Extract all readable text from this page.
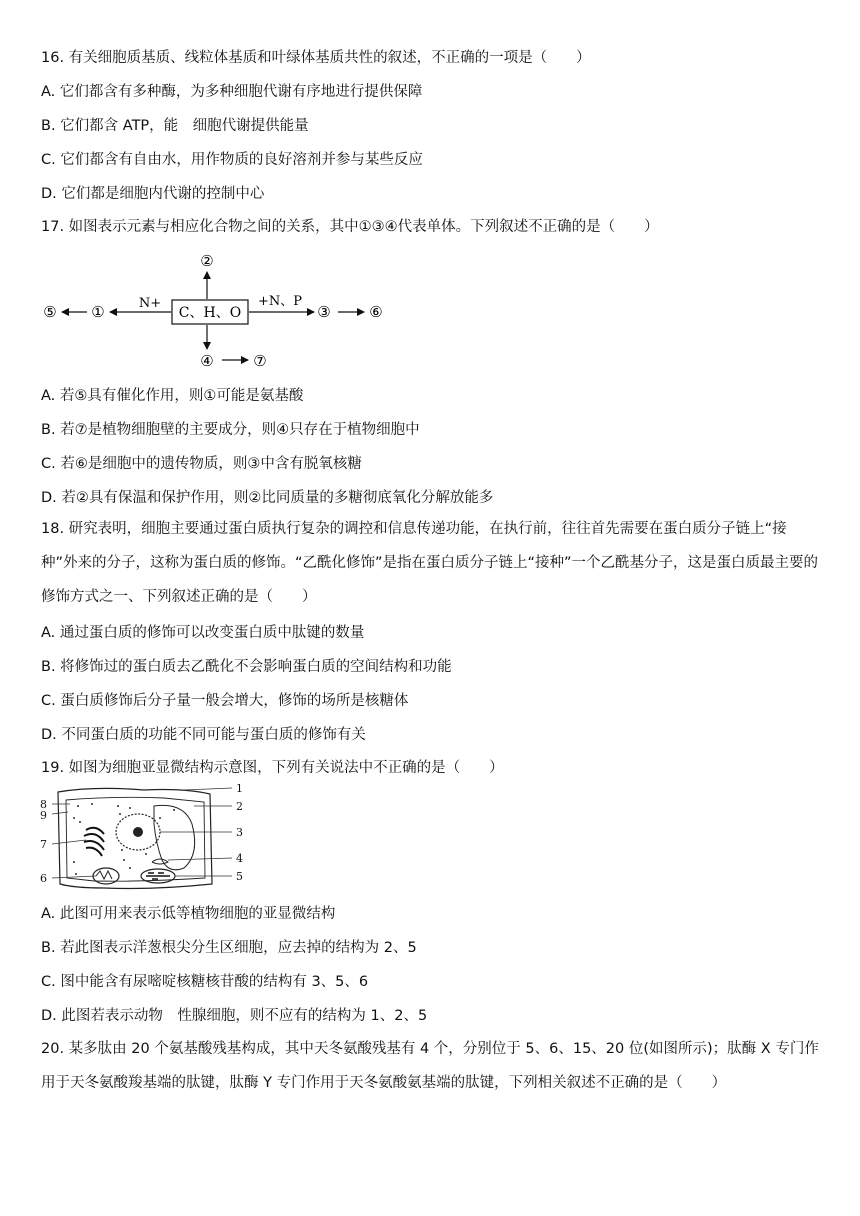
16. 有关细胞质基质、线粒体基质和叶绿体基质共性的叙述，不正确的一项是（　　）
A. 它们都含有多种酶，为多种细胞代谢有序地进行提供保障
B. 它们都含 ATP，能　细胞代谢提供能量
C. 它们都含有自由水，用作物质的良好溶剂并参与某些反应
D. 它们都是细胞内代谢的控制中心
17. 如图表示元素与相应化合物之间的关系，其中①③④代表单体。下列叙述不正确的是（　　）
C、H、O
②
N+
①
⑤
+N、P
③	⑥
④	⑦
A. 若⑤具有催化作用，则①可能是氨基酸
B. 若⑦是植物细胞壁的主要成分，则④只存在于植物细胞中
C. 若⑥是细胞中的遗传物质，则③中含有脱氧核糖
D. 若②具有保温和保护作用，则②比同质量的多糖彻底氧化分解放能多
18. 研究表明，细胞主要通过蛋白质执行复杂的调控和信息传递功能，在执行前，往往首先需要在蛋白质分子链上“接种”外来的分子，这称为蛋白质的修饰。“乙酰化修饰”是指在蛋白质分子链上“接种”一个乙酰基分子，这是蛋白质最主要的修饰方式之一、下列叙述正确的是（　　）
A. 通过蛋白质的修饰可以改变蛋白质中肽键的数量
B. 将修饰过的蛋白质去乙酰化不会影响蛋白质的空间结构和功能
C. 蛋白质修饰后分子量一般会增大，修饰的场所是核糖体
D. 不同蛋白质的功能不同可能与蛋白质的修饰有关
19. 如图为细胞亚显微结构示意图，下列有关说法中不正确的是（　　）
1
2
3
4
5
6
7
8
9
A. 此图可用来表示低等植物细胞的亚显微结构
B. 若此图表示洋葱根尖分生区细胞，应去掉的结构为 2、5
C. 图中能含有尿嘧啶核糖核苷酸的结构有 3、5、6
D. 此图若表示动物　性腺细胞，则不应有的结构为 1、2、5
20. 某多肽由 20 个氨基酸残基构成，其中天冬氨酸残基有 4 个，分别位于 5、6、15、20 位(如图所示)；肽酶 X 专门作用于天冬氨酸羧基端的肽键，肽酶 Y 专门作用于天冬氨酸氨基端的肽键，下列相关叙述不正确的是（　　）
